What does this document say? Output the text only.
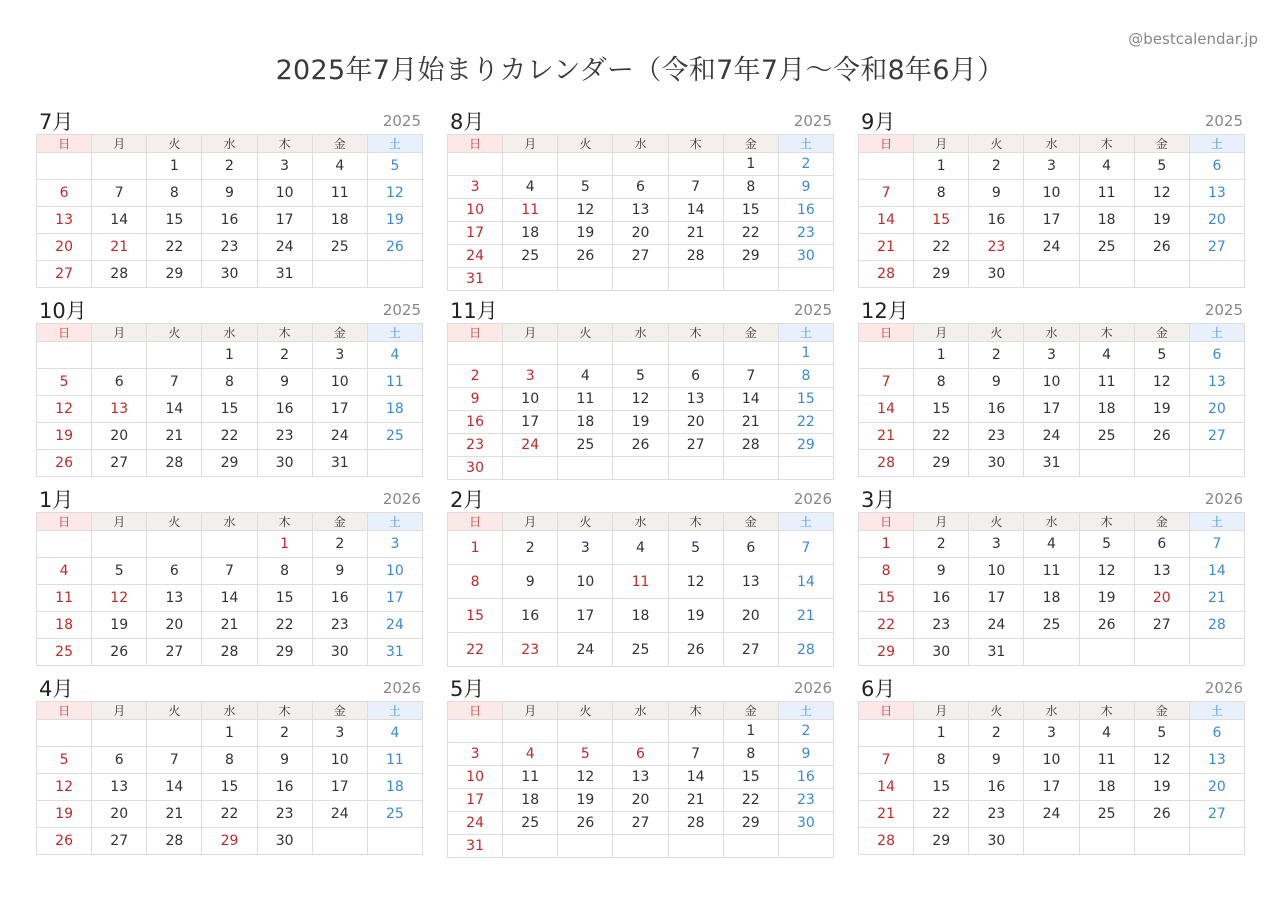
@bestcalendar.jp
2025年7月始まりカレンダー（令和7年7月〜令和8年6月）
7月	2025
日	月	火	水	木	金	土
		1	2	3	4	5
6	7	8	9	10	11	12
13	14	15	16	17	18	19
20	21	22	23	24	25	26
27	28	29	30	31		
8月	2025
日	月	火	水	木	金	土
					1	2
3	4	5	6	7	8	9
10	11	12	13	14	15	16
17	18	19	20	21	22	23
24	25	26	27	28	29	30
31						
9月	2025
日	月	火	水	木	金	土
	1	2	3	4	5	6
7	8	9	10	11	12	13
14	15	16	17	18	19	20
21	22	23	24	25	26	27
28	29	30				
10月	2025
日	月	火	水	木	金	土
			1	2	3	4
5	6	7	8	9	10	11
12	13	14	15	16	17	18
19	20	21	22	23	24	25
26	27	28	29	30	31	
11月	2025
日	月	火	水	木	金	土
						1
2	3	4	5	6	7	8
9	10	11	12	13	14	15
16	17	18	19	20	21	22
23	24	25	26	27	28	29
30						
12月	2025
日	月	火	水	木	金	土
	1	2	3	4	5	6
7	8	9	10	11	12	13
14	15	16	17	18	19	20
21	22	23	24	25	26	27
28	29	30	31			
1月	2026
日	月	火	水	木	金	土
				1	2	3
4	5	6	7	8	9	10
11	12	13	14	15	16	17
18	19	20	21	22	23	24
25	26	27	28	29	30	31
2月	2026
日	月	火	水	木	金	土
1	2	3	4	5	6	7
8	9	10	11	12	13	14
15	16	17	18	19	20	21
22	23	24	25	26	27	28
3月	2026
日	月	火	水	木	金	土
1	2	3	4	5	6	7
8	9	10	11	12	13	14
15	16	17	18	19	20	21
22	23	24	25	26	27	28
29	30	31				
4月	2026
日	月	火	水	木	金	土
			1	2	3	4
5	6	7	8	9	10	11
12	13	14	15	16	17	18
19	20	21	22	23	24	25
26	27	28	29	30		
5月	2026
日	月	火	水	木	金	土
					1	2
3	4	5	6	7	8	9
10	11	12	13	14	15	16
17	18	19	20	21	22	23
24	25	26	27	28	29	30
31						
6月	2026
日	月	火	水	木	金	土
	1	2	3	4	5	6
7	8	9	10	11	12	13
14	15	16	17	18	19	20
21	22	23	24	25	26	27
28	29	30				
